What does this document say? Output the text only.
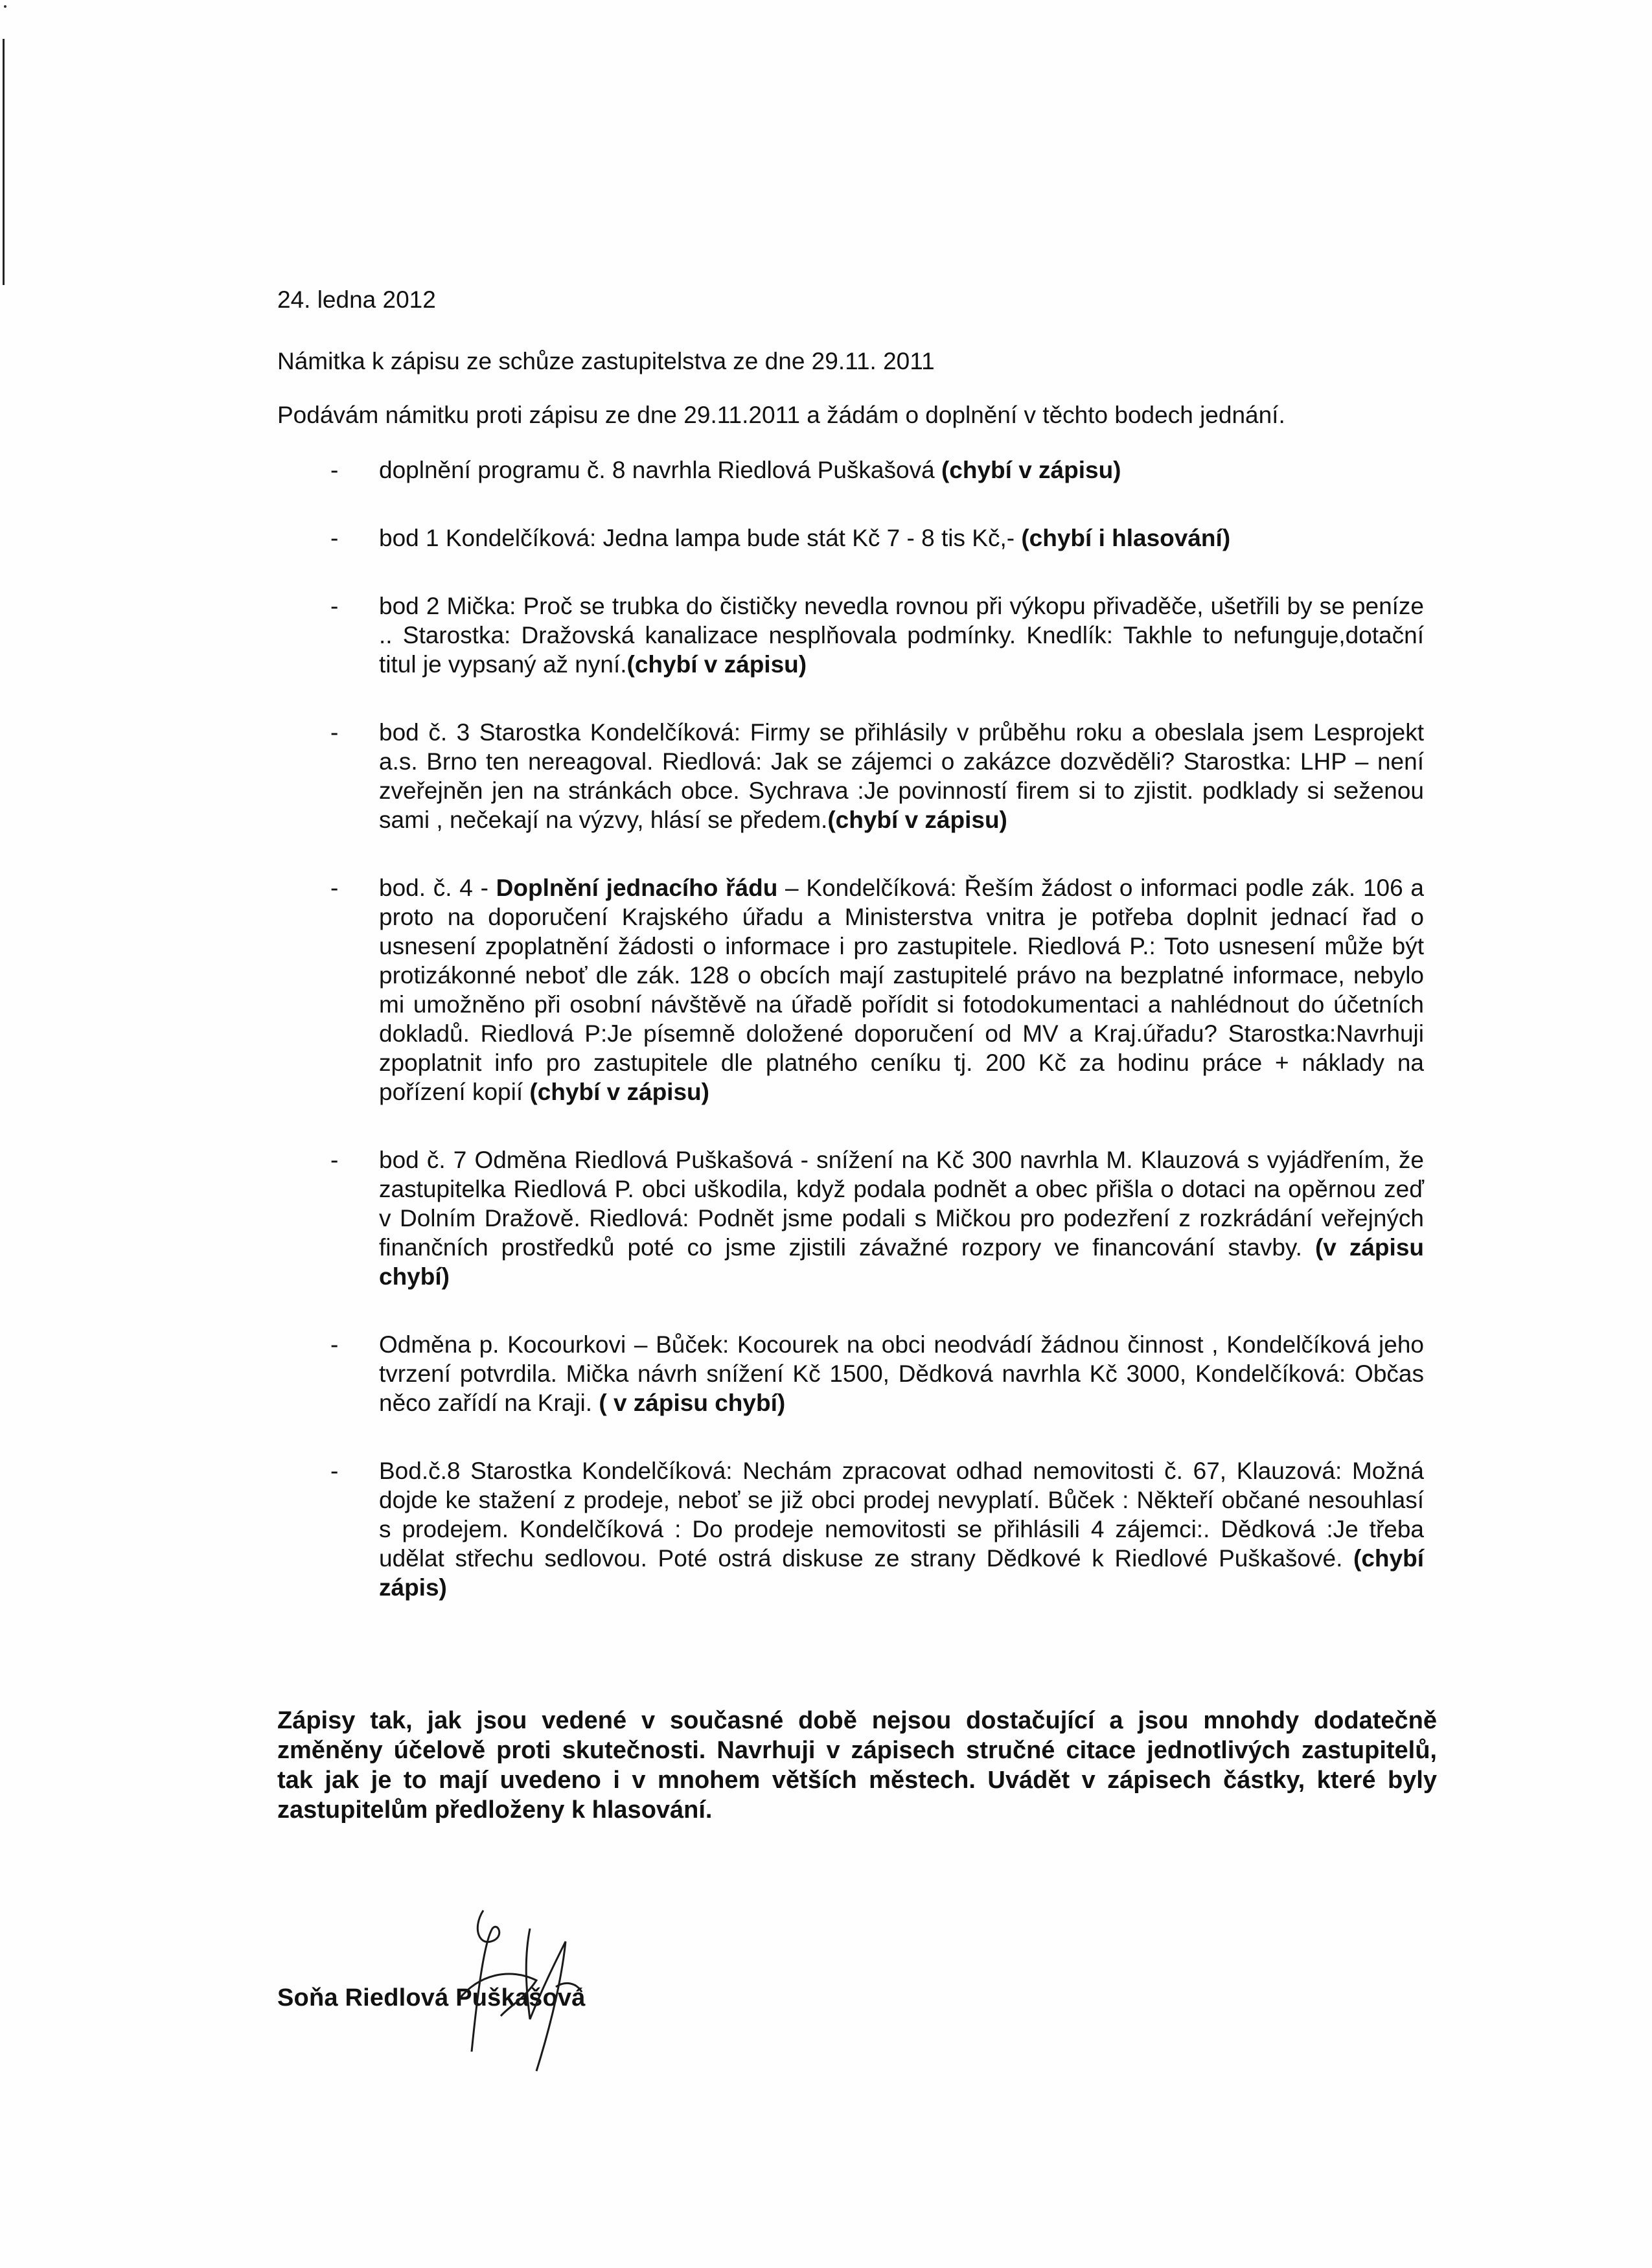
24. ledna 2012

Námitka k zápisu ze schůze zastupitelstva ze dne 29.11. 2011

Podávám námitku proti zápisu ze dne 29.11.2011 a žádám o doplnění v těchto bodech jednání.

-	doplnění programu č. 8 navrhla Riedlová Puškašová (chybí v zápisu)

-	bod 1 Kondelčíková: Jedna lampa bude stát Kč 7 - 8 tis Kč,- (chybí i hlasování)

-	bod 2 Mička: Proč se trubka do čističky nevedla rovnou při výkopu přivaděče, ušetřili by se peníze .. Starostka: Dražovská kanalizace nesplňovala podmínky. Knedlík: Takhle to nefunguje,dotační titul je vypsaný až nyní.(chybí v zápisu)

-	bod č. 3 Starostka Kondelčíková: Firmy se přihlásily v průběhu roku a obeslala jsem Lesprojekt a.s. Brno ten nereagoval. Riedlová: Jak se zájemci o zakázce dozvěděli? Starostka: LHP – není zveřejněn jen na stránkách obce. Sychrava :Je povinností firem si to zjistit. podklady si seženou sami , nečekají na výzvy, hlásí se předem.(chybí v zápisu)

-	bod. č. 4 - Doplnění jednacího řádu – Kondelčíková: Řeším žádost o informaci podle zák. 106 a proto na doporučení Krajského úřadu a Ministerstva vnitra je potřeba doplnit jednací řad o usnesení zpoplatnění žádosti o informace i pro zastupitele. Riedlová P.: Toto usnesení může být protizákonné neboť dle zák. 128 o obcích mají zastupitelé právo na bezplatné informace, nebylo mi umožněno při osobní návštěvě na úřadě pořídit si fotodokumentaci a nahlédnout do účetních dokladů. Riedlová P:Je písemně doložené doporučení od MV a Kraj.úřadu? Starostka:Navrhuji zpoplatnit info pro zastupitele dle platného ceníku tj. 200 Kč za hodinu práce + náklady na pořízení kopií (chybí v zápisu)

-	bod č. 7 Odměna Riedlová Puškašová - snížení na Kč 300 navrhla M. Klauzová s vyjádřením, že zastupitelka Riedlová P. obci uškodila, když podala podnět a obec přišla o dotaci na opěrnou zeď v Dolním Dražově. Riedlová: Podnět jsme podali s Mičkou pro podezření z rozkrádání veřejných finančních prostředků poté co jsme zjistili závažné rozpory ve financování stavby. (v zápisu chybí)

-	Odměna p. Kocourkovi – Bůček: Kocourek na obci neodvádí žádnou činnost , Kondelčíková jeho tvrzení potvrdila. Mička návrh snížení Kč 1500, Dědková navrhla Kč 3000, Kondelčíková: Občas něco zařídí na Kraji. ( v zápisu chybí)

-	Bod.č.8 Starostka Kondelčíková: Nechám zpracovat odhad nemovitosti č. 67, Klauzová: Možná dojde ke stažení z prodeje, neboť se již obci prodej nevyplatí. Bůček : Někteří občané nesouhlasí s prodejem. Kondelčíková : Do prodeje nemovitosti se přihlásili 4 zájemci:. Dědková :Je třeba udělat střechu sedlovou. Poté ostrá diskuse ze strany Dědkové k Riedlové Puškašové. (chybí zápis)

Zápisy tak, jak jsou vedené v současné době nejsou dostačující a jsou mnohdy dodatečně změněny účelově proti skutečnosti. Navrhuji v zápisech stručné citace jednotlivých zastupitelů, tak jak je to mají uvedeno i v mnohem větších městech. Uvádět v zápisech částky, které byly zastupitelům předloženy k hlasování.

Soňa Riedlová Puškašová
